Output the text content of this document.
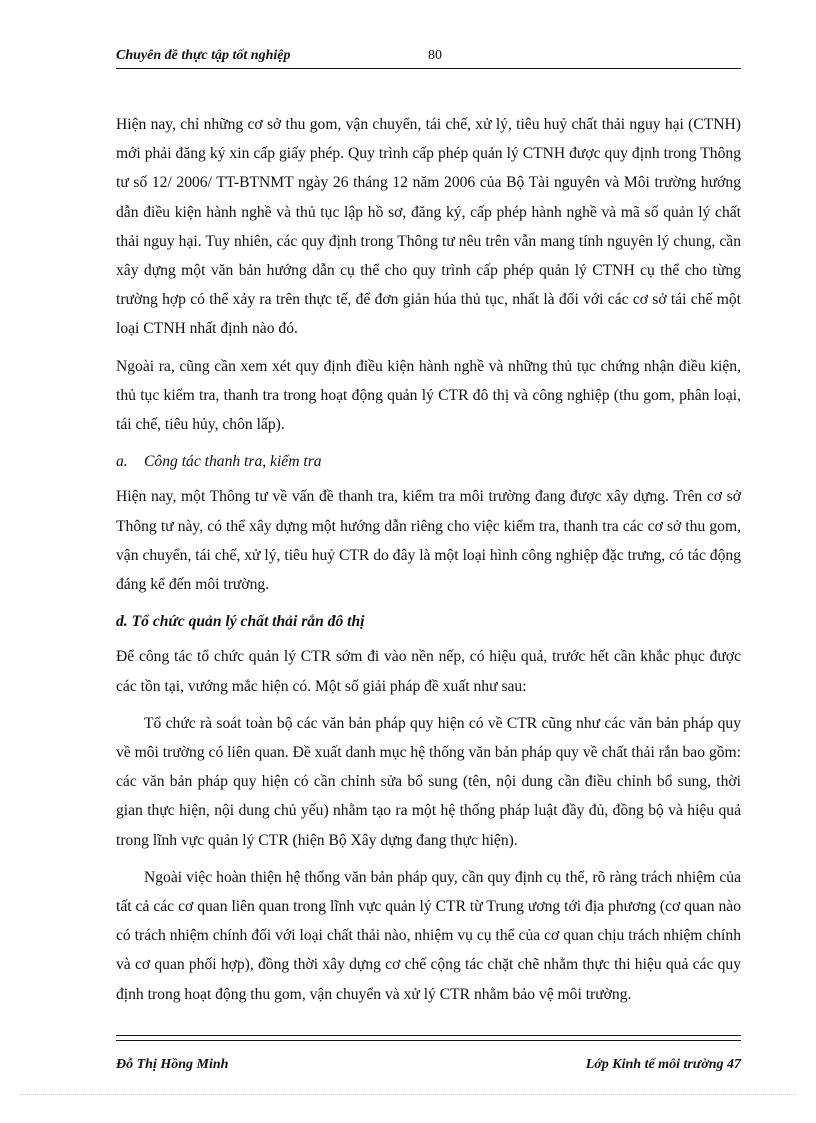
Chuyên đề thực tập tốt nghiệp	80

Hiện nay, chỉ những cơ sở thu gom, vận chuyển, tái chế, xử lý, tiêu huỷ chất thải nguy hại (CTNH) mới phải đăng ký xin cấp giấy phép. Quy trình cấp phép quản lý CTNH được quy định trong Thông tư số 12/ 2006/ TT-BTNMT ngày 26 tháng 12 năm 2006 của Bộ Tài nguyên và Môi trường hướng dẫn điều kiện hành nghề và thủ tục lập hồ sơ, đăng ký, cấp phép hành nghề và mã số quản lý chất thải nguy hại. Tuy nhiên, các quy định trong Thông tư nêu trên vẫn mang tính nguyên lý chung, cần xây dựng một văn bản hướng dẫn cụ thể cho quy trình cấp phép quản lý CTNH cụ thể cho từng trường hợp có thể xảy ra trên thực tế, để đơn giản húa thủ tục, nhất là đối với các cơ sở tái chế một loại CTNH nhất định nào đó.

Ngoài ra, cũng cần xem xét quy định điều kiện hành nghề và những thủ tục chứng nhận điều kiện, thủ tục kiểm tra, thanh tra trong hoạt động quản lý CTR đô thị và công nghiệp (thu gom, phân loại, tái chế, tiêu hủy, chôn lấp).

a. Công tác thanh tra, kiểm tra

Hiện nay, một Thông tư về vấn đề thanh tra, kiểm tra môi trường đang được xây dựng. Trên cơ sở Thông tư này, có thể xây dựng một hướng dẫn riêng cho việc kiểm tra, thanh tra các cơ sở thu gom, vận chuyển, tái chế, xử lý, tiêu huỷ CTR do đây là một loại hình công nghiệp đặc trưng, có tác động đáng kể đến môi trường.

d. Tổ chức quản lý chất thải rắn đô thị

Để công tác tổ chức quản lý CTR sớm đi vào nền nếp, có hiệu quả, trước hết cần khắc phục được các tồn tại, vướng mắc hiện có. Một số giải pháp đề xuất như sau:

Tổ chức rà soát toàn bộ các văn bản pháp quy hiện có về CTR cũng như các văn bản pháp quy về môi trường có liên quan. Đề xuất danh mục hệ thống văn bản pháp quy về chất thải rắn bao gồm: các văn bản pháp quy hiện có cần chỉnh sửa bổ sung (tên, nội dung cần điều chỉnh bổ sung, thời gian thực hiện, nội dung chủ yếu) nhằm tạo ra một hệ thống pháp luật đầy đủ, đồng bộ và hiệu quả trong lĩnh vực quản lý CTR (hiện Bộ Xây dựng đang thực hiện).

Ngoài việc hoàn thiện hệ thống văn bản pháp quy, cần quy định cụ thể, rõ ràng trách nhiệm của tất cả các cơ quan liên quan trong lĩnh vực quản lý CTR từ Trung ương tới địa phương (cơ quan nào có trách nhiệm chính đối với loại chất thải nào, nhiệm vụ cụ thể của cơ quan chịu trách nhiệm chính và cơ quan phối hợp), đồng thời xây dựng cơ chế cộng tác chặt chẽ nhằm thực thi hiệu quả các quy định trong hoạt động thu gom, vận chuyển và xử lý CTR nhằm bảo vệ môi trường.

Đỗ Thị Hồng Minh	Lớp Kinh tế môi trường 47
